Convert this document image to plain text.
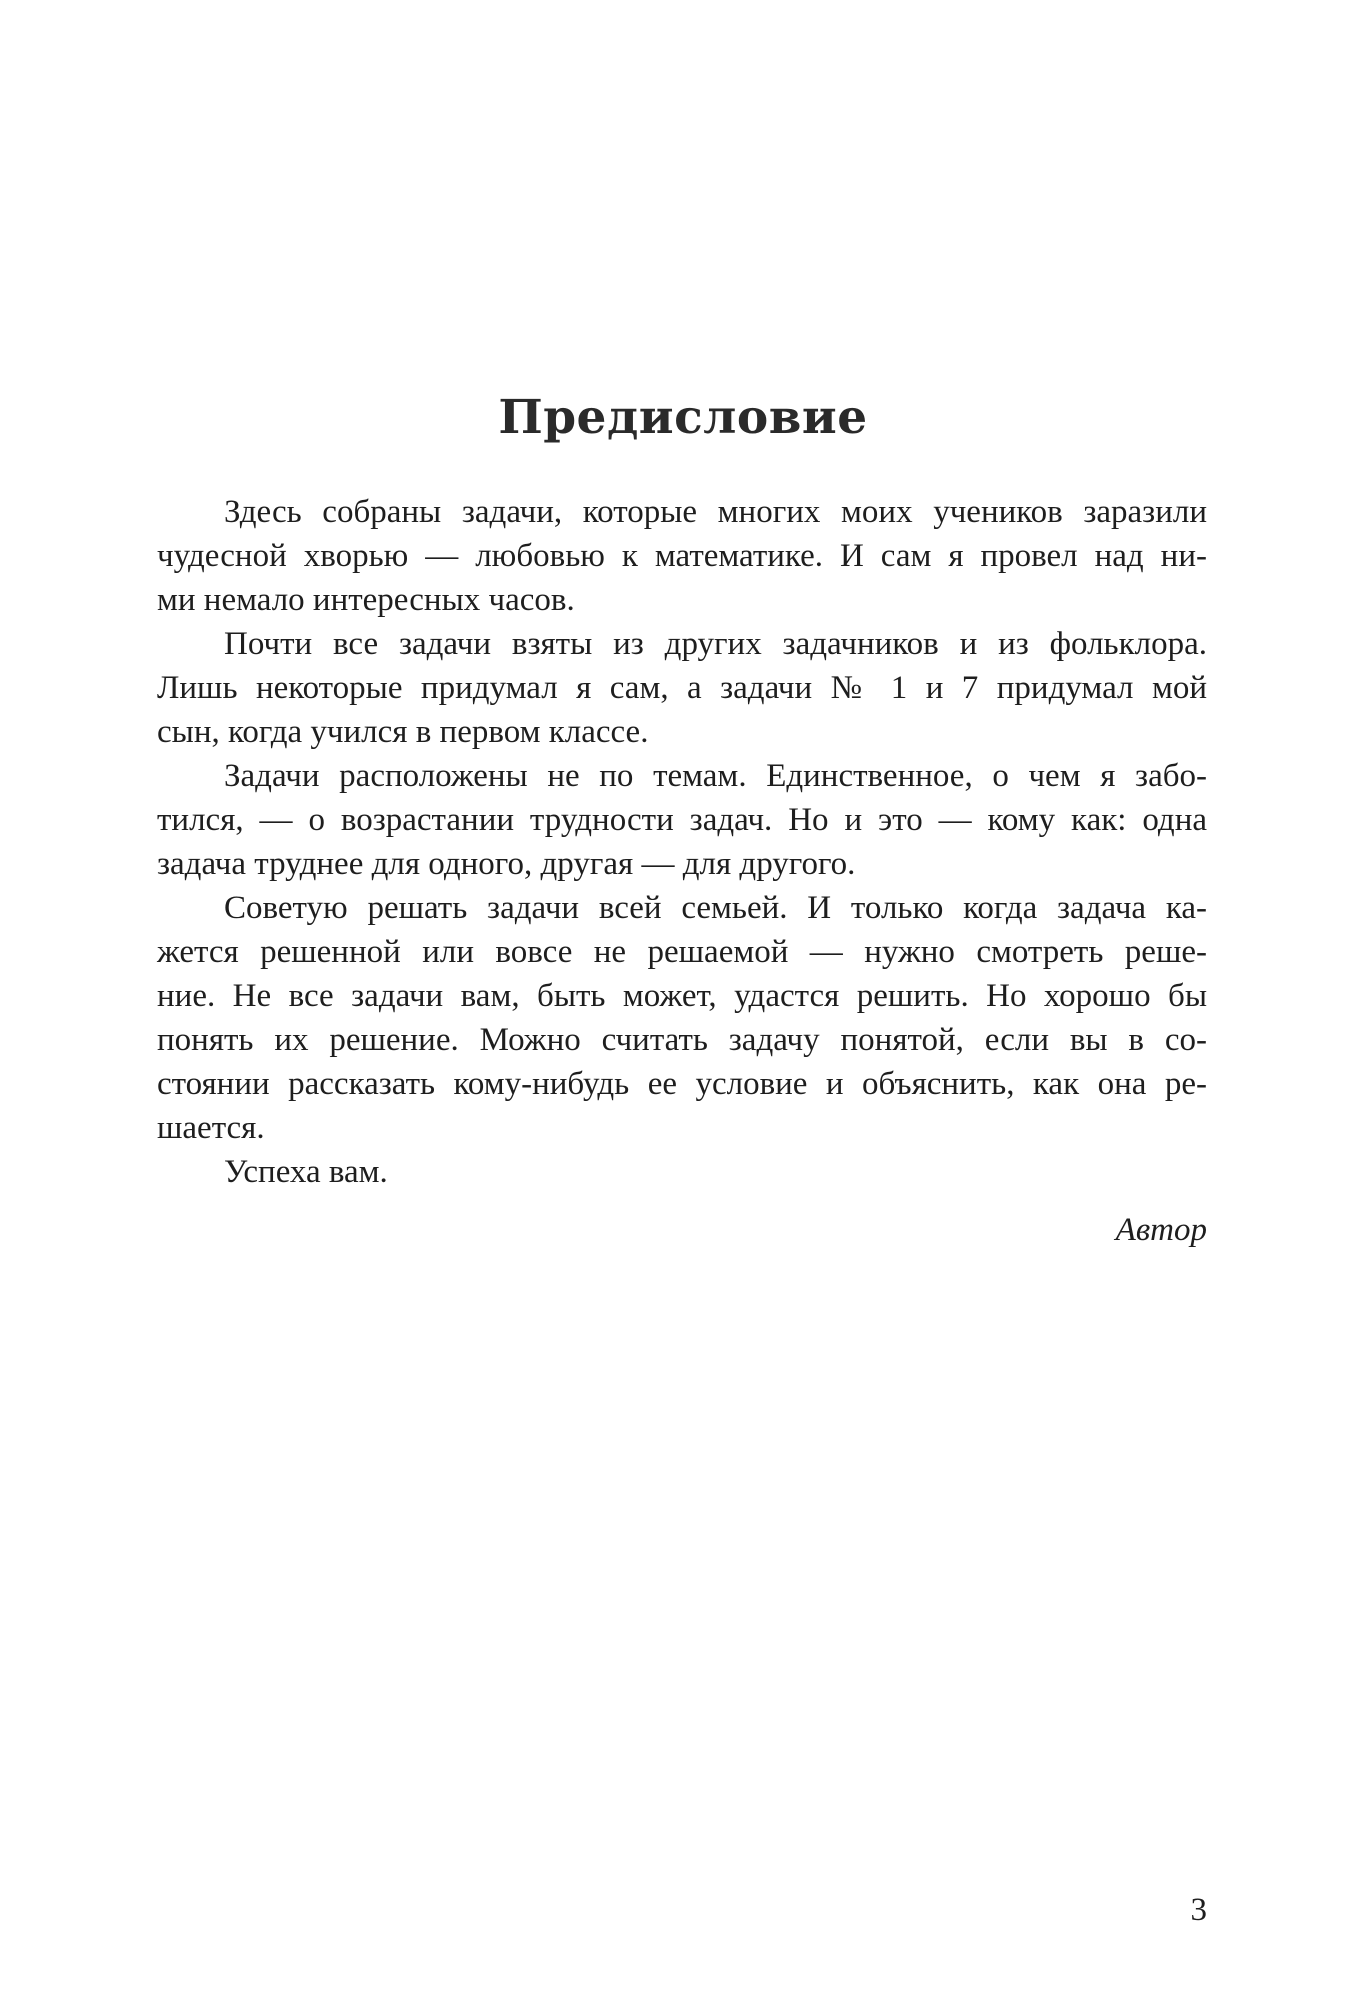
Предисловие
Здесь собраны задачи, которые многих моих учеников заразили
чудесной хворью — любовью к математике. И сам я провел над ни-
ми немало интересных часов.
Почти все задачи взяты из других задачников и из фольклора.
Лишь некоторые придумал я сам, а задачи № 1 и 7 придумал мой
сын, когда учился в первом классе.
Задачи расположены не по темам. Единственное, о чем я забо-
тился, — о возрастании трудности задач. Но и это — кому как: одна
задача труднее для одного, другая — для другого.
Советую решать задачи всей семьей. И только когда задача ка-
жется решенной или вовсе не решаемой — нужно смотреть реше-
ние. Не все задачи вам, быть может, удастся решить. Но хорошо бы
понять их решение. Можно считать задачу понятой, если вы в со-
стоянии рассказать кому-нибудь ее условие и объяснить, как она ре-
шается.
Успеха вам.
Автор
3
